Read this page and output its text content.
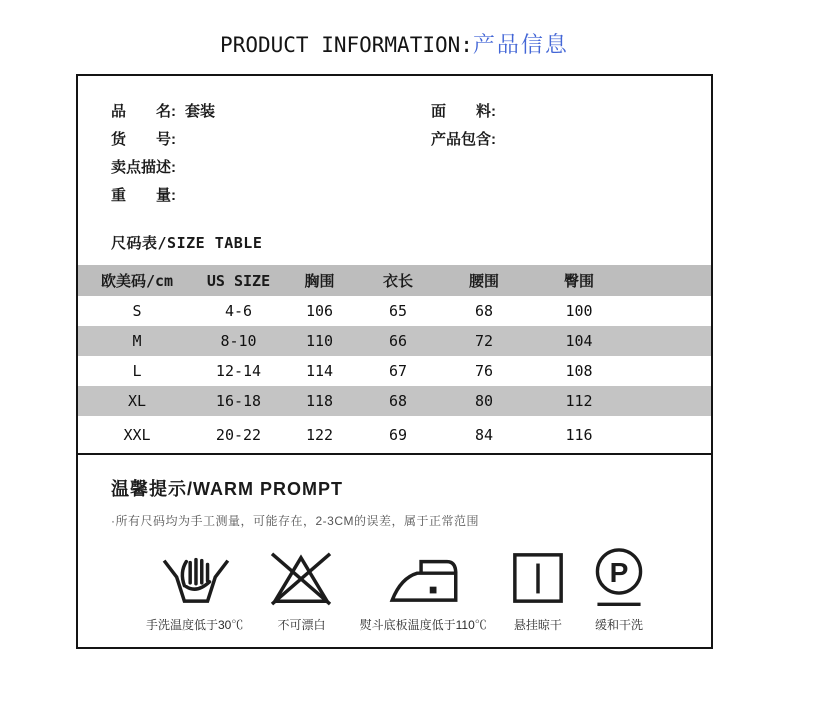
PRODUCT INFORMATION:产品信息
品　　名: 套装
货　　号:
卖点描述:
重　　量:
面　　料:
产品包含:
尺码表/SIZE TABLE
欧美码/cm	US SIZE	胸围	衣长	腰围	臀围	
S	4-6	106	65	68	100	
M	8-10	110	66	72	104	
L	12-14	114	67	76	108	
XL	16-18	118	68	80	112	
XXL	20-22	122	69	84	116	
温馨提示/WARM PROMPT
·所有尺码均为手工测量，可能存在，2-3CM的误差，属于正常范围
手洗温度低于30℃	不可漂白	熨斗底板温度低于110℃ 悬挂晾干
P
缓和干洗
